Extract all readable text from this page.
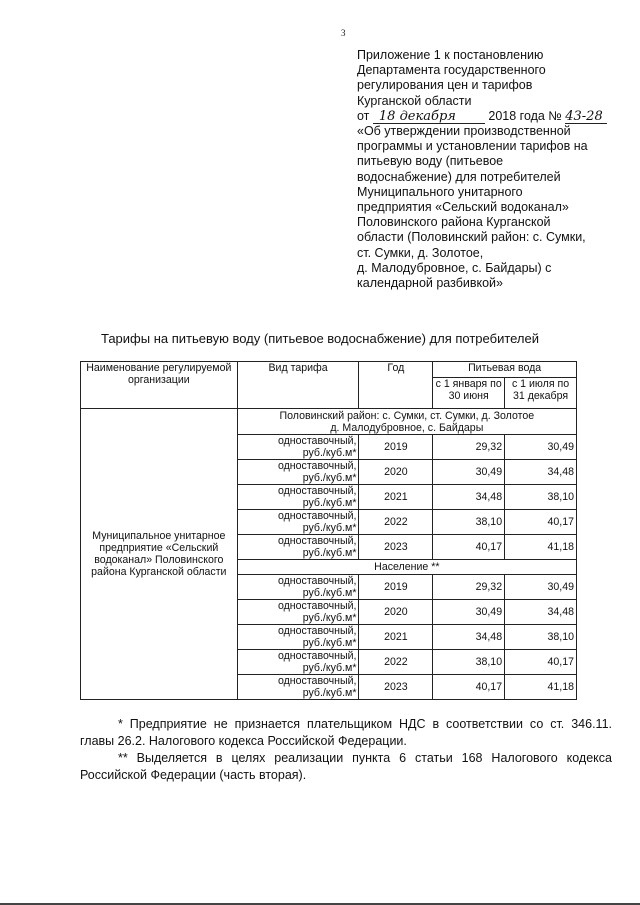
3
Приложение 1 к постановлению
Департамента государственного
регулирования цен и тарифов
Курганской области
от 18 декабря	2018 года № 43-28
«Об утверждении производственной
программы и установлении тарифов на
питьевую воду (питьевое
водоснабжение) для потребителей
Муниципального унитарного
предприятия «Сельский водоканал»
Половинского района Курганской
области (Половинский район: с. Сумки,
ст. Сумки, д. Золотое,
д. Малодубровное, с. Байдары) с
календарной разбивкой»
Тарифы на питьевую воду (питьевое водоснабжение) для потребителей
Наименование регулируемой организации	Вид тарифа	Год	Питьевая вода	
			с 1 января по 30 июня	с 1 июля по 31 декабря
Муниципальное унитарное предприятие «Сельский водоканал» Половинского района Курганской области	Половинский район: с. Сумки, ст. Сумки, д. Золотое
д. Малодубровное, с. Байдары			

	одноставочный,
руб./куб.м*	2019	29,32	30,49

	одноставочный,
руб./куб.м*	2020	30,49	34,48

	одноставочный,
руб./куб.м*	2021	34,48	38,10

	одноставочный,
руб./куб.м*	2022	38,10	40,17

	одноставочный,
руб./куб.м*	2023	40,17	41,18
	Население **			

	одноставочный,
руб./куб.м*	2019	29,32	30,49

	одноставочный,
руб./куб.м*	2020	30,49	34,48

	одноставочный,
руб./куб.м*	2021	34,48	38,10

	одноставочный,
руб./куб.м*	2022	38,10	40,17

	одноставочный,
руб./куб.м*	2023	40,17	41,18

* Предприятие не признается плательщиком НДС в соответствии со ст. 346.11. главы 26.2. Налогового кодекса Российской Федерации.

** Выделяется в целях реализации пункта 6 статьи 168 Налогового кодекса Российской Федерации (часть вторая).
